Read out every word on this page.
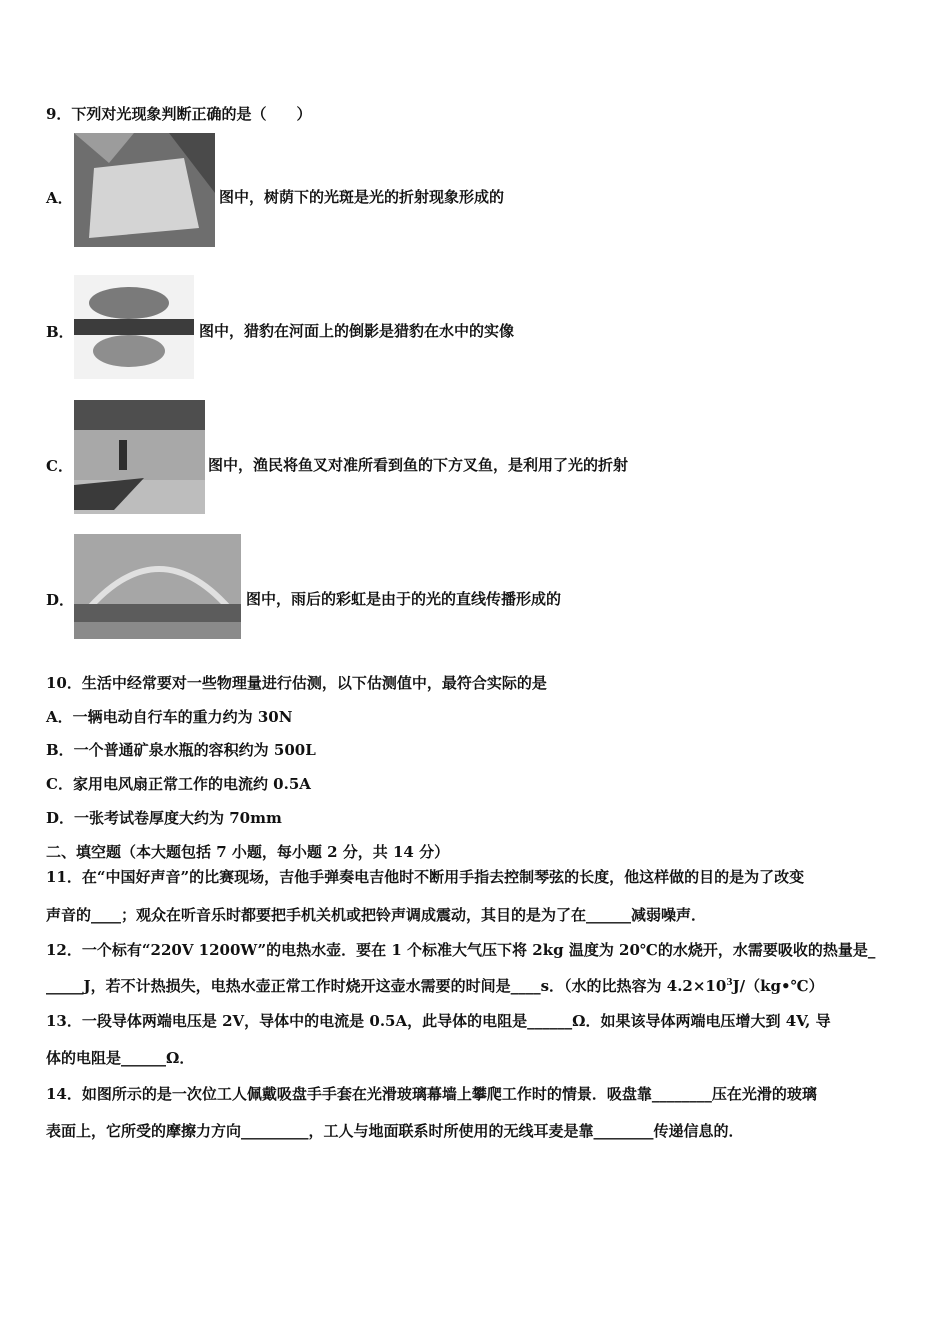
9．下列对光现象判断正确的是（　　）
A．	图中，树荫下的光斑是光的折射现象形成的
B．	图中，猎豹在河面上的倒影是猎豹在水中的实像
C．	图中，渔民将鱼叉对准所看到鱼的下方叉鱼，是利用了光的折射
D．	图中，雨后的彩虹是由于的光的直线传播形成的
10．生活中经常要对一些物理量进行估测，以下估测值中，最符合实际的是
A．一辆电动自行车的重力约为 30N
B．一个普通矿泉水瓶的容积约为 500L
C．家用电风扇正常工作的电流约 0.5A
D．一张考试卷厚度大约为 70mm
二、填空题（本大题包括 7 小题，每小题 2 分，共 14 分）
11．在“中国好声音”的比赛现场，吉他手弹奏电吉他时不断用手指去控制琴弦的长度，他这样做的目的是为了改变
声音的____；观众在听音乐时都要把手机关机或把铃声调成震动，其目的是为了在______减弱噪声．
12．一个标有“220V 1200W”的电热水壶．要在 1 个标准大气压下将 2kg 温度为 20℃的水烧开，水需要吸收的热量是_
_____J，若不计热损失，电热水壶正常工作时烧开这壶水需要的时间是____s．（水的比热容为 $4.2\times 10^3J/(kg•℃)$
13．一段导体两端电压是 2V，导体中的电流是 0.5A，此导体的电阻是______Ω．如果该导体两端电压增大到 4V, 导
体的电阻是______Ω．
14．如图所示的是一次位工人佩戴吸盘手手套在光滑玻璃幕墙上攀爬工作时的情景．吸盘靠________压在光滑的玻璃
表面上，它所受的摩擦力方向_________，工人与地面联系时所使用的无线耳麦是靠________传递信息的．
